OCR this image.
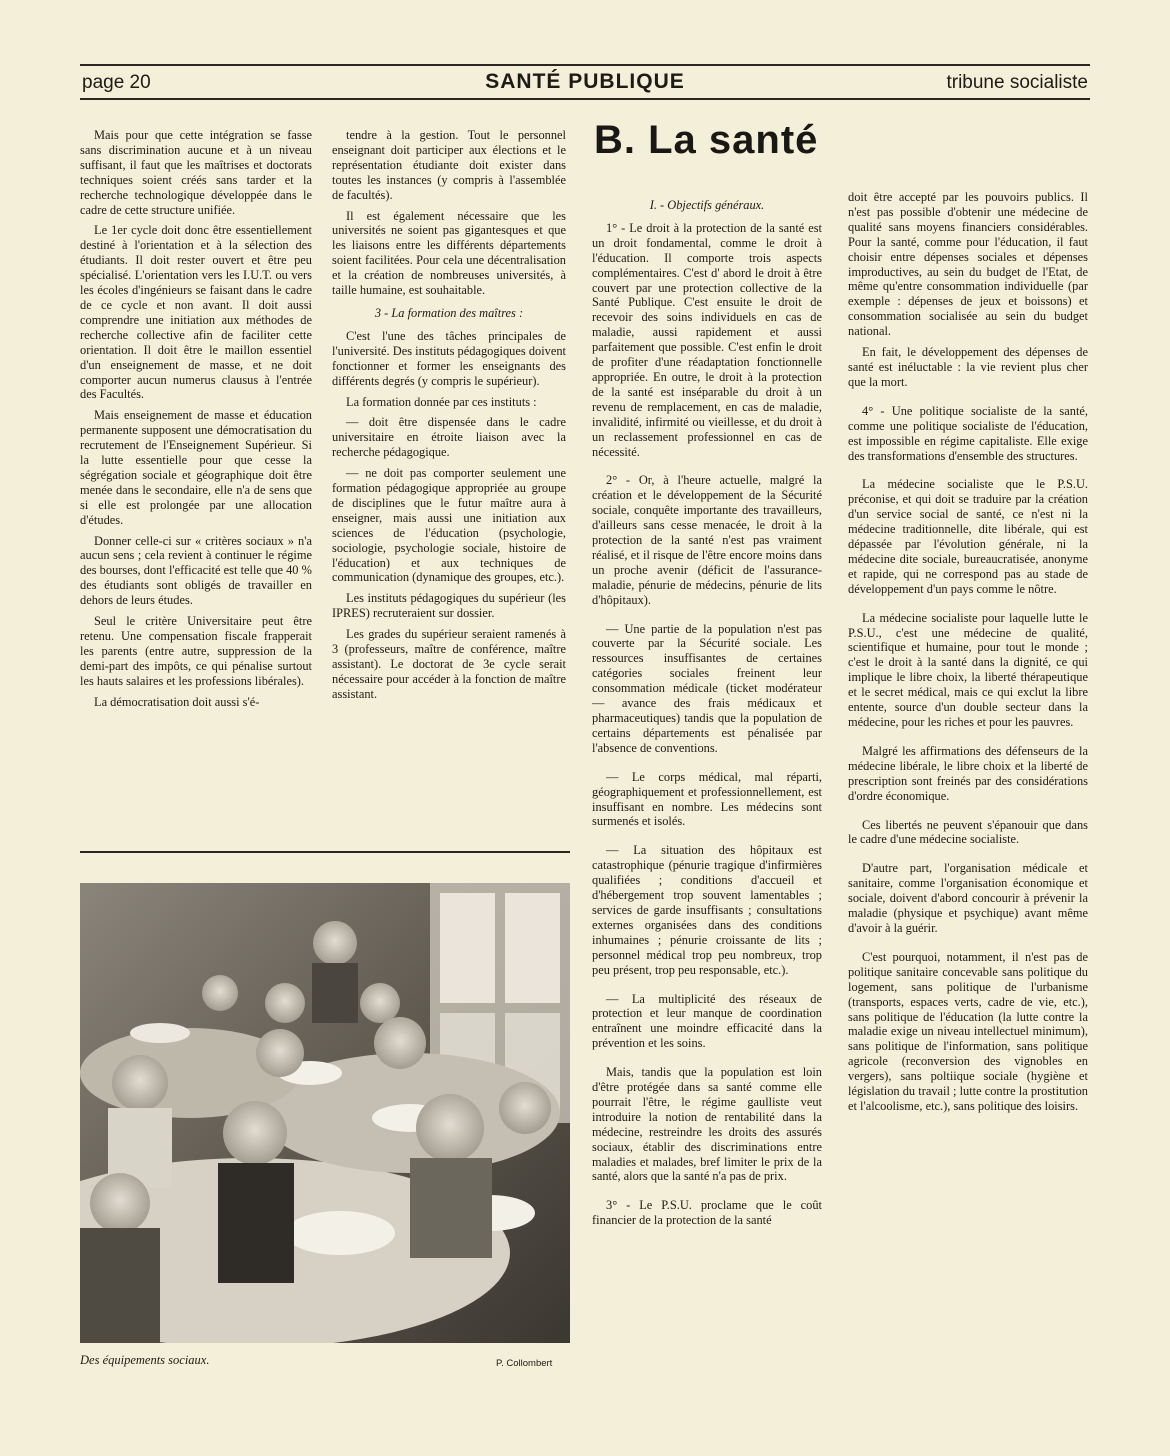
page 20	SANTÉ PUBLIQUE	tribune socialiste

Mais pour que cette intégration se fasse sans discrimination aucune et à un niveau suffisant, il faut que les maîtrises et doctorats techniques soient créés sans tarder et la recherche technologique développée dans le cadre de cette structure unifiée.

Le 1er cycle doit donc être essentiellement destiné à l'orientation et à la sélection des étudiants. Il doit rester ouvert et être peu spécialisé. L'orientation vers les I.U.T. ou vers les écoles d'ingénieurs se faisant dans le cadre de ce cycle et non avant. Il doit aussi comprendre une initiation aux méthodes de recherche collective afin de faciliter cette orientation. Il doit être le maillon essentiel d'un enseignement de masse, et ne doit comporter aucun numerus clausus à l'entrée des Facultés.

Mais enseignement de masse et éducation permanente supposent une démocratisation du recrutement de l'Enseignement Supérieur. Si la lutte essentielle pour que cesse la ségrégation sociale et géographique doit être menée dans le secondaire, elle n'a de sens que si elle est prolongée par une allocation d'études.

Donner celle-ci sur « critères sociaux » n'a aucun sens ; cela revient à continuer le régime des bourses, dont l'efficacité est telle que 40 % des étudiants sont obligés de travailler en dehors de leurs études.

Seul le critère Universitaire peut être retenu. Une compensation fiscale frapperait les parents (entre autre, suppression de la demi-part des impôts, ce qui pénalise surtout les hauts salaires et les professions libérales).

La démocratisation doit aussi s'é-

tendre à la gestion. Tout le personnel enseignant doit participer aux élections et le représentation étudiante doit exister dans toutes les instances (y compris à l'assemblée de facultés).

Il est également nécessaire que les universités ne soient pas gigantesques et que les liaisons entre les différents départements soient facilitées. Pour cela une décentralisation et la création de nombreuses universités, à taille humaine, est souhaitable.

3 - La formation des maîtres :

C'est l'une des tâches principales de l'université. Des instituts pédagogiques doivent fonctionner et former les enseignants des différents degrés (y compris le supérieur).

La formation donnée par ces instituts :

— doit être dispensée dans le cadre universitaire en étroite liaison avec la recherche pédagogique.

— ne doit pas comporter seulement une formation pédagogique appropriée au groupe de disciplines que le futur maître aura à enseigner, mais aussi une initiation aux sciences de l'éducation (psychologie, sociologie, psychologie sociale, histoire de l'éducation) et aux techniques de communication (dynamique des groupes, etc.).

Les instituts pédagogiques du supérieur (les IPRES) recruteraient sur dossier.

Les grades du supérieur seraient ramenés à 3 (professeurs, maître de conférence, maître assistant). Le doctorat de 3e cycle serait nécessaire pour accéder à la fonction de maître assistant.

B. La santé

I. - Objectifs généraux.

1° - Le droit à la protection de la santé est un droit fondamental, comme le droit à l'éducation. Il comporte trois aspects complémentaires. C'est d' abord le droit à être couvert par une protection collective de la Santé Publique. C'est ensuite le droit de recevoir des soins individuels en cas de maladie, aussi rapidement et aussi parfaitement que possible. C'est enfin le droit de profiter d'une réadaptation fonctionnelle appropriée. En outre, le droit à la protection de la santé est inséparable du droit à un revenu de remplacement, en cas de maladie, invalidité, infirmité ou vieillesse, et du droit à un reclassement professionnel en cas de nécessité.

2° - Or, à l'heure actuelle, malgré la création et le développement de la Sécurité sociale, conquête importante des travailleurs, d'ailleurs sans cesse menacée, le droit à la protection de la santé n'est pas vraiment réalisé, et il risque de l'être encore moins dans un proche avenir (déficit de l'assurance-maladie, pénurie de médecins, pénurie de lits d'hôpitaux).

— Une partie de la population n'est pas couverte par la Sécurité sociale. Les ressources insuffisantes de certaines catégories sociales freinent leur consommation médicale (ticket modérateur — avance des frais médicaux et pharmaceutiques) tandis que la population de certains départements est pénalisée par l'absence de conventions.

— Le corps médical, mal réparti, géographiquement et professionnellement, est insuffisant en nombre. Les médecins sont surmenés et isolés.

— La situation des hôpitaux est catastrophique (pénurie tragique d'infirmières qualifiées ; conditions d'accueil et d'hébergement trop souvent lamentables ; services de garde insuffisants ; consultations externes organisées dans des conditions inhumaines ; pénurie croissante de lits ; personnel médical trop peu nombreux, trop peu présent, trop peu responsable, etc.).

— La multiplicité des réseaux de protection et leur manque de coordination entraînent une moindre efficacité dans la prévention et les soins.

Mais, tandis que la population est loin d'être protégée dans sa santé comme elle pourrait l'être, le régime gaulliste veut introduire la notion de rentabilité dans la médecine, restreindre les droits des assurés sociaux, établir des discriminations entre maladies et malades, bref limiter le prix de la santé, alors que la santé n'a pas de prix.

3° - Le P.S.U. proclame que le coût financier de la protection de la santé

doit être accepté par les pouvoirs publics. Il n'est pas possible d'obtenir une médecine de qualité sans moyens financiers considérables. Pour la santé, comme pour l'éducation, il faut choisir entre dépenses sociales et dépenses improductives, au sein du budget de l'Etat, de même qu'entre consommation individuelle (par exemple : dépenses de jeux et boissons) et consommation socialisée au sein du budget national.

En fait, le développement des dépenses de santé est inéluctable : la vie revient plus cher que la mort.

4° - Une politique socialiste de la santé, comme une politique socialiste de l'éducation, est impossible en régime capitaliste. Elle exige des transformations d'ensemble des structures.

La médecine socialiste que le P.S.U. préconise, et qui doit se traduire par la création d'un service social de santé, ce n'est ni la médecine traditionnelle, dite libérale, qui est dépassée par l'évolution générale, ni la médecine dite sociale, bureaucratisée, anonyme et rapide, qui ne correspond pas au stade de développement d'un pays comme le nôtre.

La médecine socialiste pour laquelle lutte le P.S.U., c'est une médecine de qualité, scientifique et humaine, pour tout le monde ; c'est le droit à la santé dans la dignité, ce qui implique le libre choix, la liberté thérapeutique et le secret médical, mais ce qui exclut la libre entente, source d'un double secteur dans la médecine, pour les riches et pour les pauvres.

Malgré les affirmations des défenseurs de la médecine libérale, le libre choix et la liberté de prescription sont freinés par des considérations d'ordre économique.

Ces libertés ne peuvent s'épanouir que dans le cadre d'une médecine socialiste.

D'autre part, l'organisation médicale et sanitaire, comme l'organisation économique et sociale, doivent d'abord concourir à prévenir la maladie (physique et psychique) avant même d'avoir à la guérir.

C'est pourquoi, notamment, il n'est pas de politique sanitaire concevable sans politique du logement, sans politique de l'urbanisme (transports, espaces verts, cadre de vie, etc.), sans politique de l'éducation (la lutte contre la maladie exige un niveau intellectuel minimum), sans politique de l'information, sans politique agricole (reconversion des vignobles en vergers), sans poltiique sociale (hygiène et législation du travail ; lutte contre la prostitution et l'alcoolisme, etc.), sans politique des loisirs.

Des équipements sociaux.	P. Collombert
